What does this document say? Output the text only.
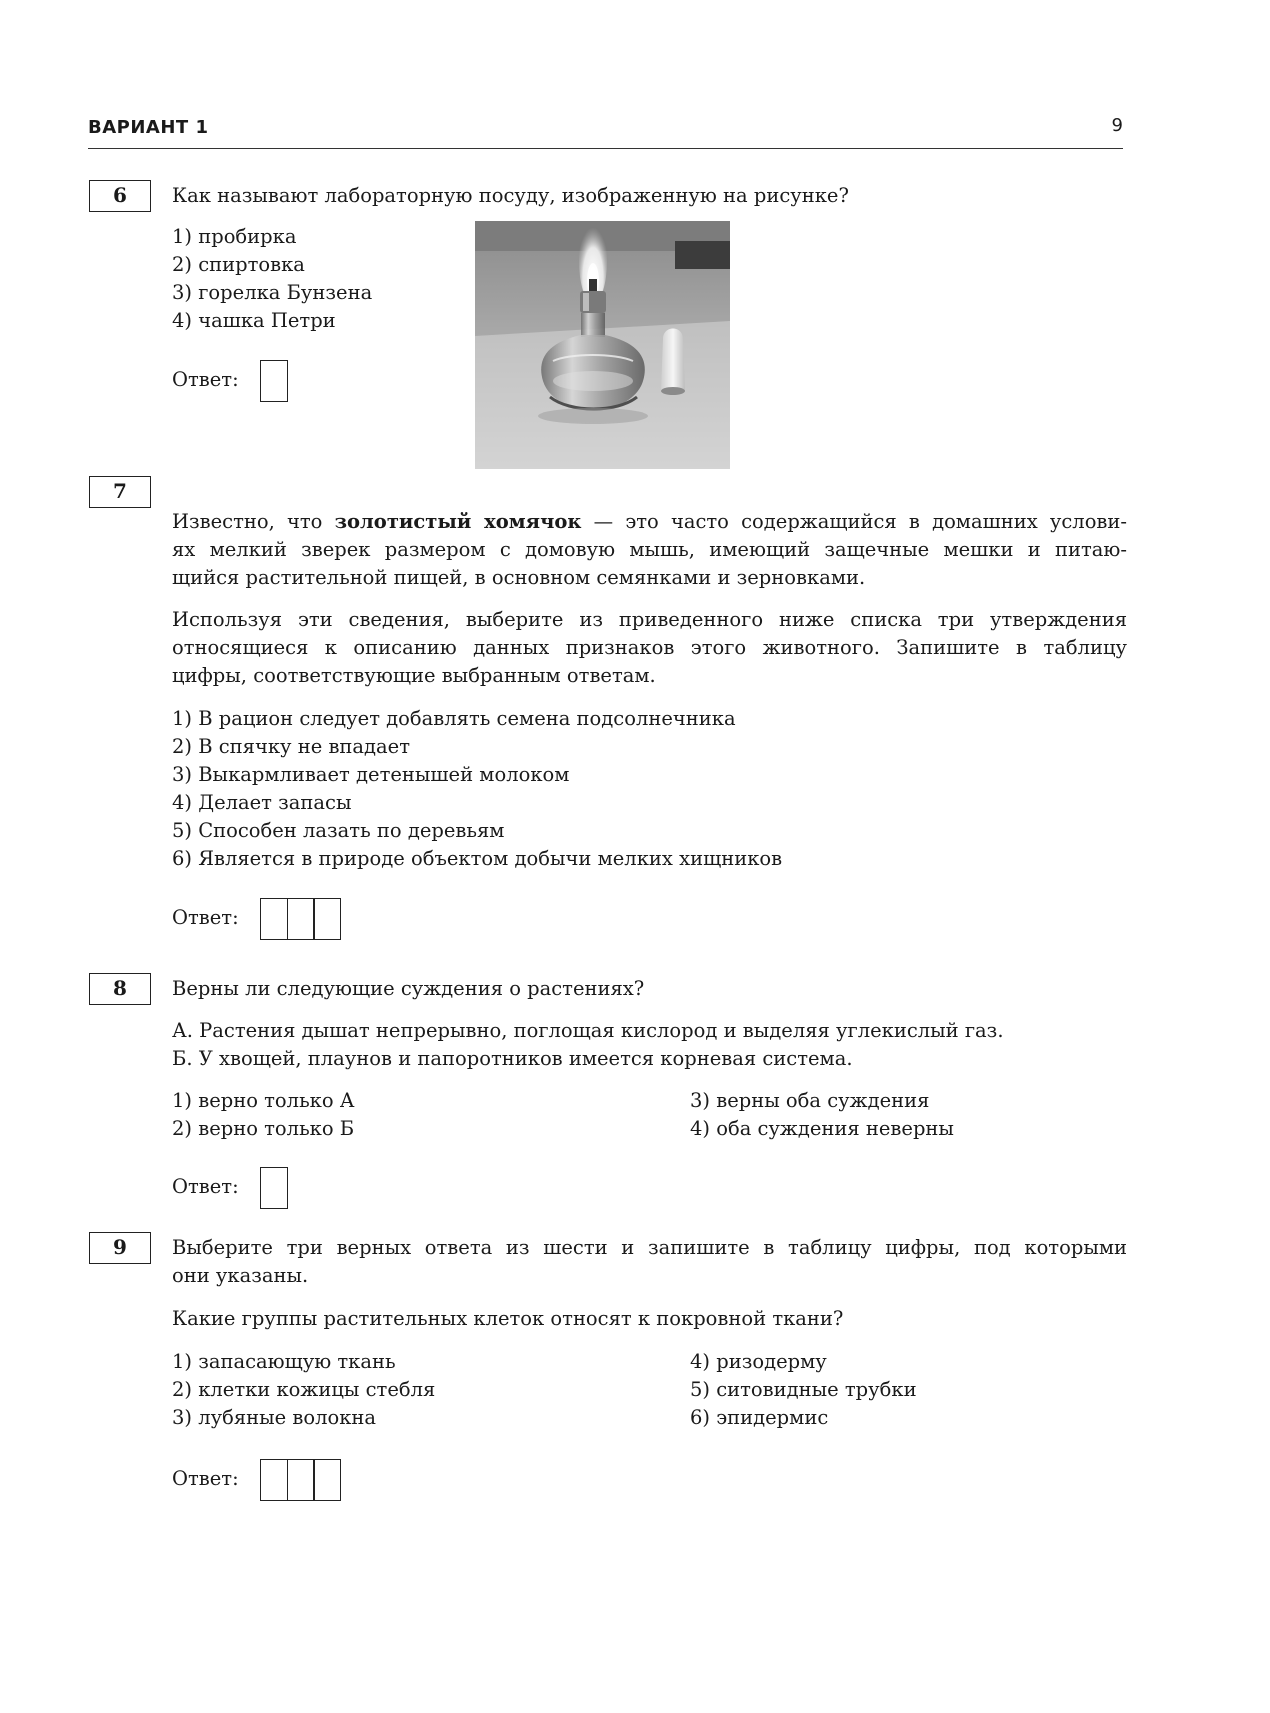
ВАРИАНТ 1	9
6	Как называют лабораторную посуду, изображенную на рисунке?
1) пробирка
2) спиртовка
3) горелка Бунзена
4) чашка Петри
Ответ:
7
Известно, что золотистый хомячок — это часто содержащийся в домашних услови-
ях мелкий зверек размером с домовую мышь, имеющий защечные мешки и питаю-
щийся растительной пищей, в основном семянками и зерновками.
Используя эти сведения, выберите из приведенного ниже списка три утверждения
относящиеся к описанию данных признаков этого животного. Запишите в таблицу
цифры, соответствующие выбранным ответам.
1) В рацион следует добавлять семена подсолнечника
2) В спячку не впадает
3) Выкармливает детенышей молоком
4) Делает запасы
5) Способен лазать по деревьям
6) Является в природе объектом добычи мелких хищников
Ответ:
8	Верны ли следующие суждения о растениях?
А. Растения дышат непрерывно, поглощая кислород и выделяя углекислый газ.
Б. У хвощей, плаунов и папоротников имеется корневая система.
1) верно только А
2) верно только Б
3) верны оба суждения
4) оба суждения неверны
Ответ:
9	Выберите три верных ответа из шести и запишите в таблицу цифры, под которыми
они указаны.
Какие группы растительных клеток относят к покровной ткани?
1) запасающую ткань
2) клетки кожицы стебля
3) лубяные волокна
4) ризодерму
5) ситовидные трубки
6) эпидермис
Ответ:
